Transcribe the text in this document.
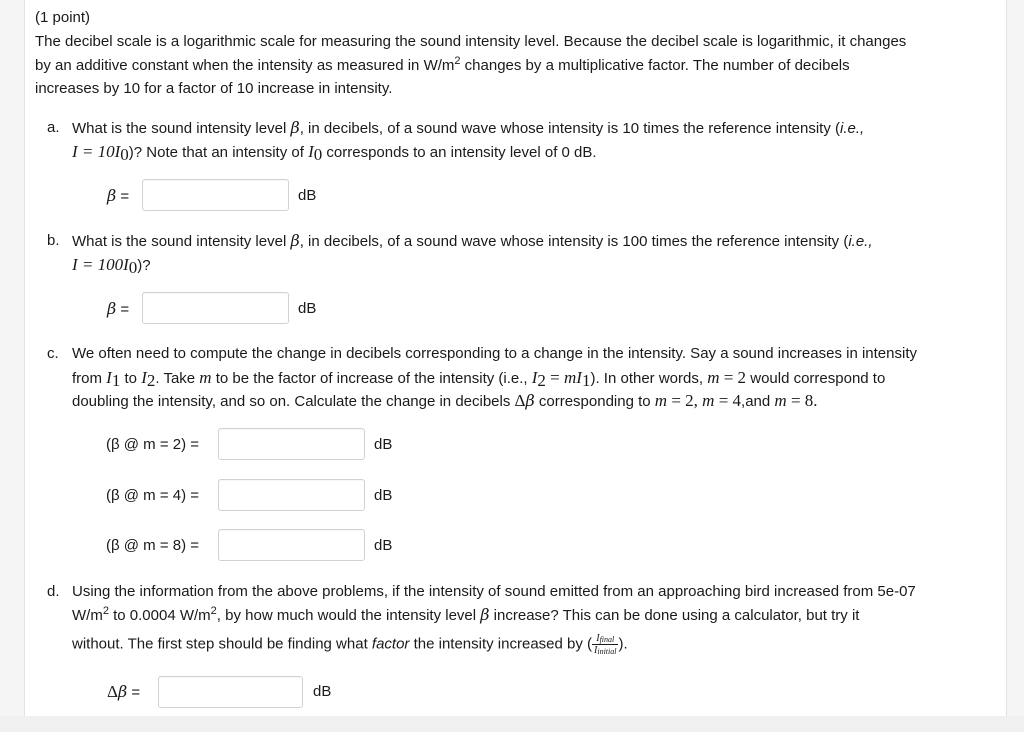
(1 point)
The decibel scale is a logarithmic scale for measuring the sound intensity level. Because the decibel scale is logarithmic, it changes
by an additive constant when the intensity as measured in $W/m^2$ changes by a multiplicative factor. The number of decibels
increases by 10 for a factor of 10 increase in intensity.
a. What is the sound intensity level β, in decibels, of a sound wave whose intensity is 10 times the reference intensity (i.e.,
$I = 10I_0$)? Note that an intensity of $I_0$ corresponds to an intensity level of 0 dB.
β =	dB
b. What is the sound intensity level β, in decibels, of a sound wave whose intensity is 100 times the reference intensity (i.e.,
$I = 100I_0$)?
β =	dB
c. We often need to compute the change in decibels corresponding to a change in the intensity. Say a sound increases in intensity
from $I_1$ to $I_2$. Take m to be the factor of increase of the intensity (i.e., $I_2 = mI_1$). In other words, m = 2 would correspond to
doubling the intensity, and so on. Calculate the change in decibels Δβ corresponding to m = 2, m = 4,and m = 8.
(β @ m = 2) =	dB
(β @ m = 4) =	dB
(β @ m = 8) =	dB
d. Using the information from the above problems, if the intensity of sound emitted from an approaching bird increased from 5e-07
$W/m^2$ to 0.0004 $W/m^2$, by how much would the intensity level β increase? This can be done using a calculator, but try it
without. The first step should be finding what factor the intensity increased by ( $\frac{I_{final}}{I_{initial}}$ ).
Δβ =	dB
